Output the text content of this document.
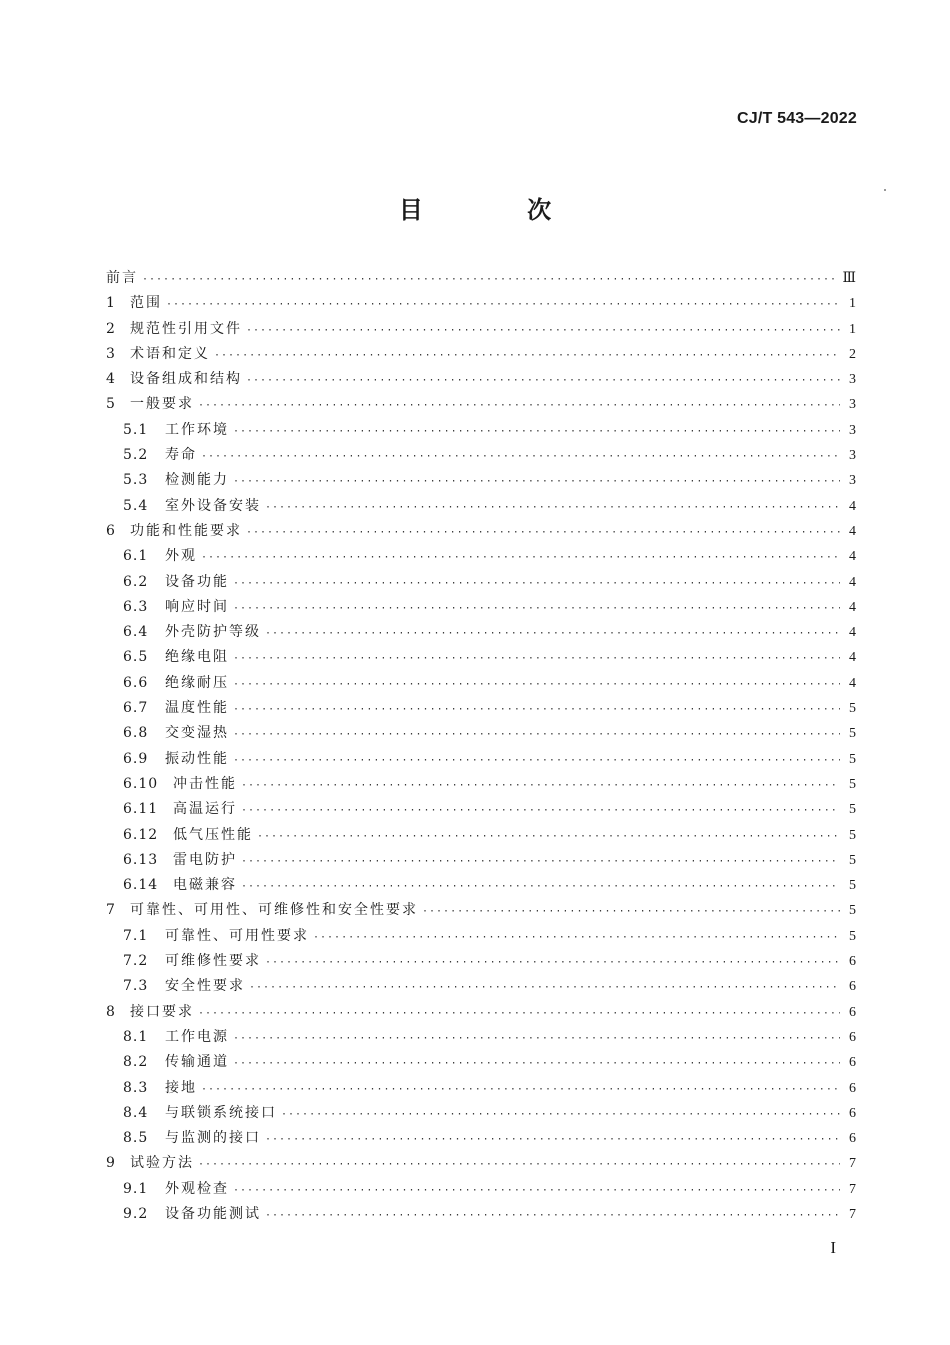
CJ/T 543—2022
目 次
前言 ·····	Ⅲ
1	范围 ·····	1
2	规范性引用文件 ·····	1
3	术语和定义 ·····	2
4	设备组成和结构 ·····	3
5	一般要求 ·····	3
5.1	工作环境 ·····	3
5.2	寿命 ·····	3
5.3	检测能力 ·····	3
5.4	室外设备安装 ·····	4
6	功能和性能要求 ·····	4
6.1	外观 ·····	4
6.2	设备功能 ·····	4
6.3	响应时间 ·····	4
6.4	外壳防护等级 ·····	4
6.5	绝缘电阻 ·····	4
6.6	绝缘耐压 ·····	4
6.7	温度性能 ·····	5
6.8	交变湿热 ·····	5
6.9	振动性能 ·····	5
6.10	冲击性能 ·····	5
6.11	高温运行 ·····	5
6.12	低气压性能 ·····	5
6.13	雷电防护 ·····	5
6.14	电磁兼容 ·····	5
7	可靠性、可用性、可维修性和安全性要求 ·····	5
7.1	可靠性、可用性要求 ·····	5
7.2	可维修性要求 ·····	6
7.3	安全性要求 ·····	6
8	接口要求 ·····	6
8.1	工作电源 ·····	6
8.2	传输通道 ·····	6
8.3	接地 ·····	6
8.4	与联锁系统接口 ·····	6
8.5	与监测的接口 ·····	6
9	试验方法 ·····	7
9.1	外观检查 ·····	7
9.2	设备功能测试 ·····	7
I
